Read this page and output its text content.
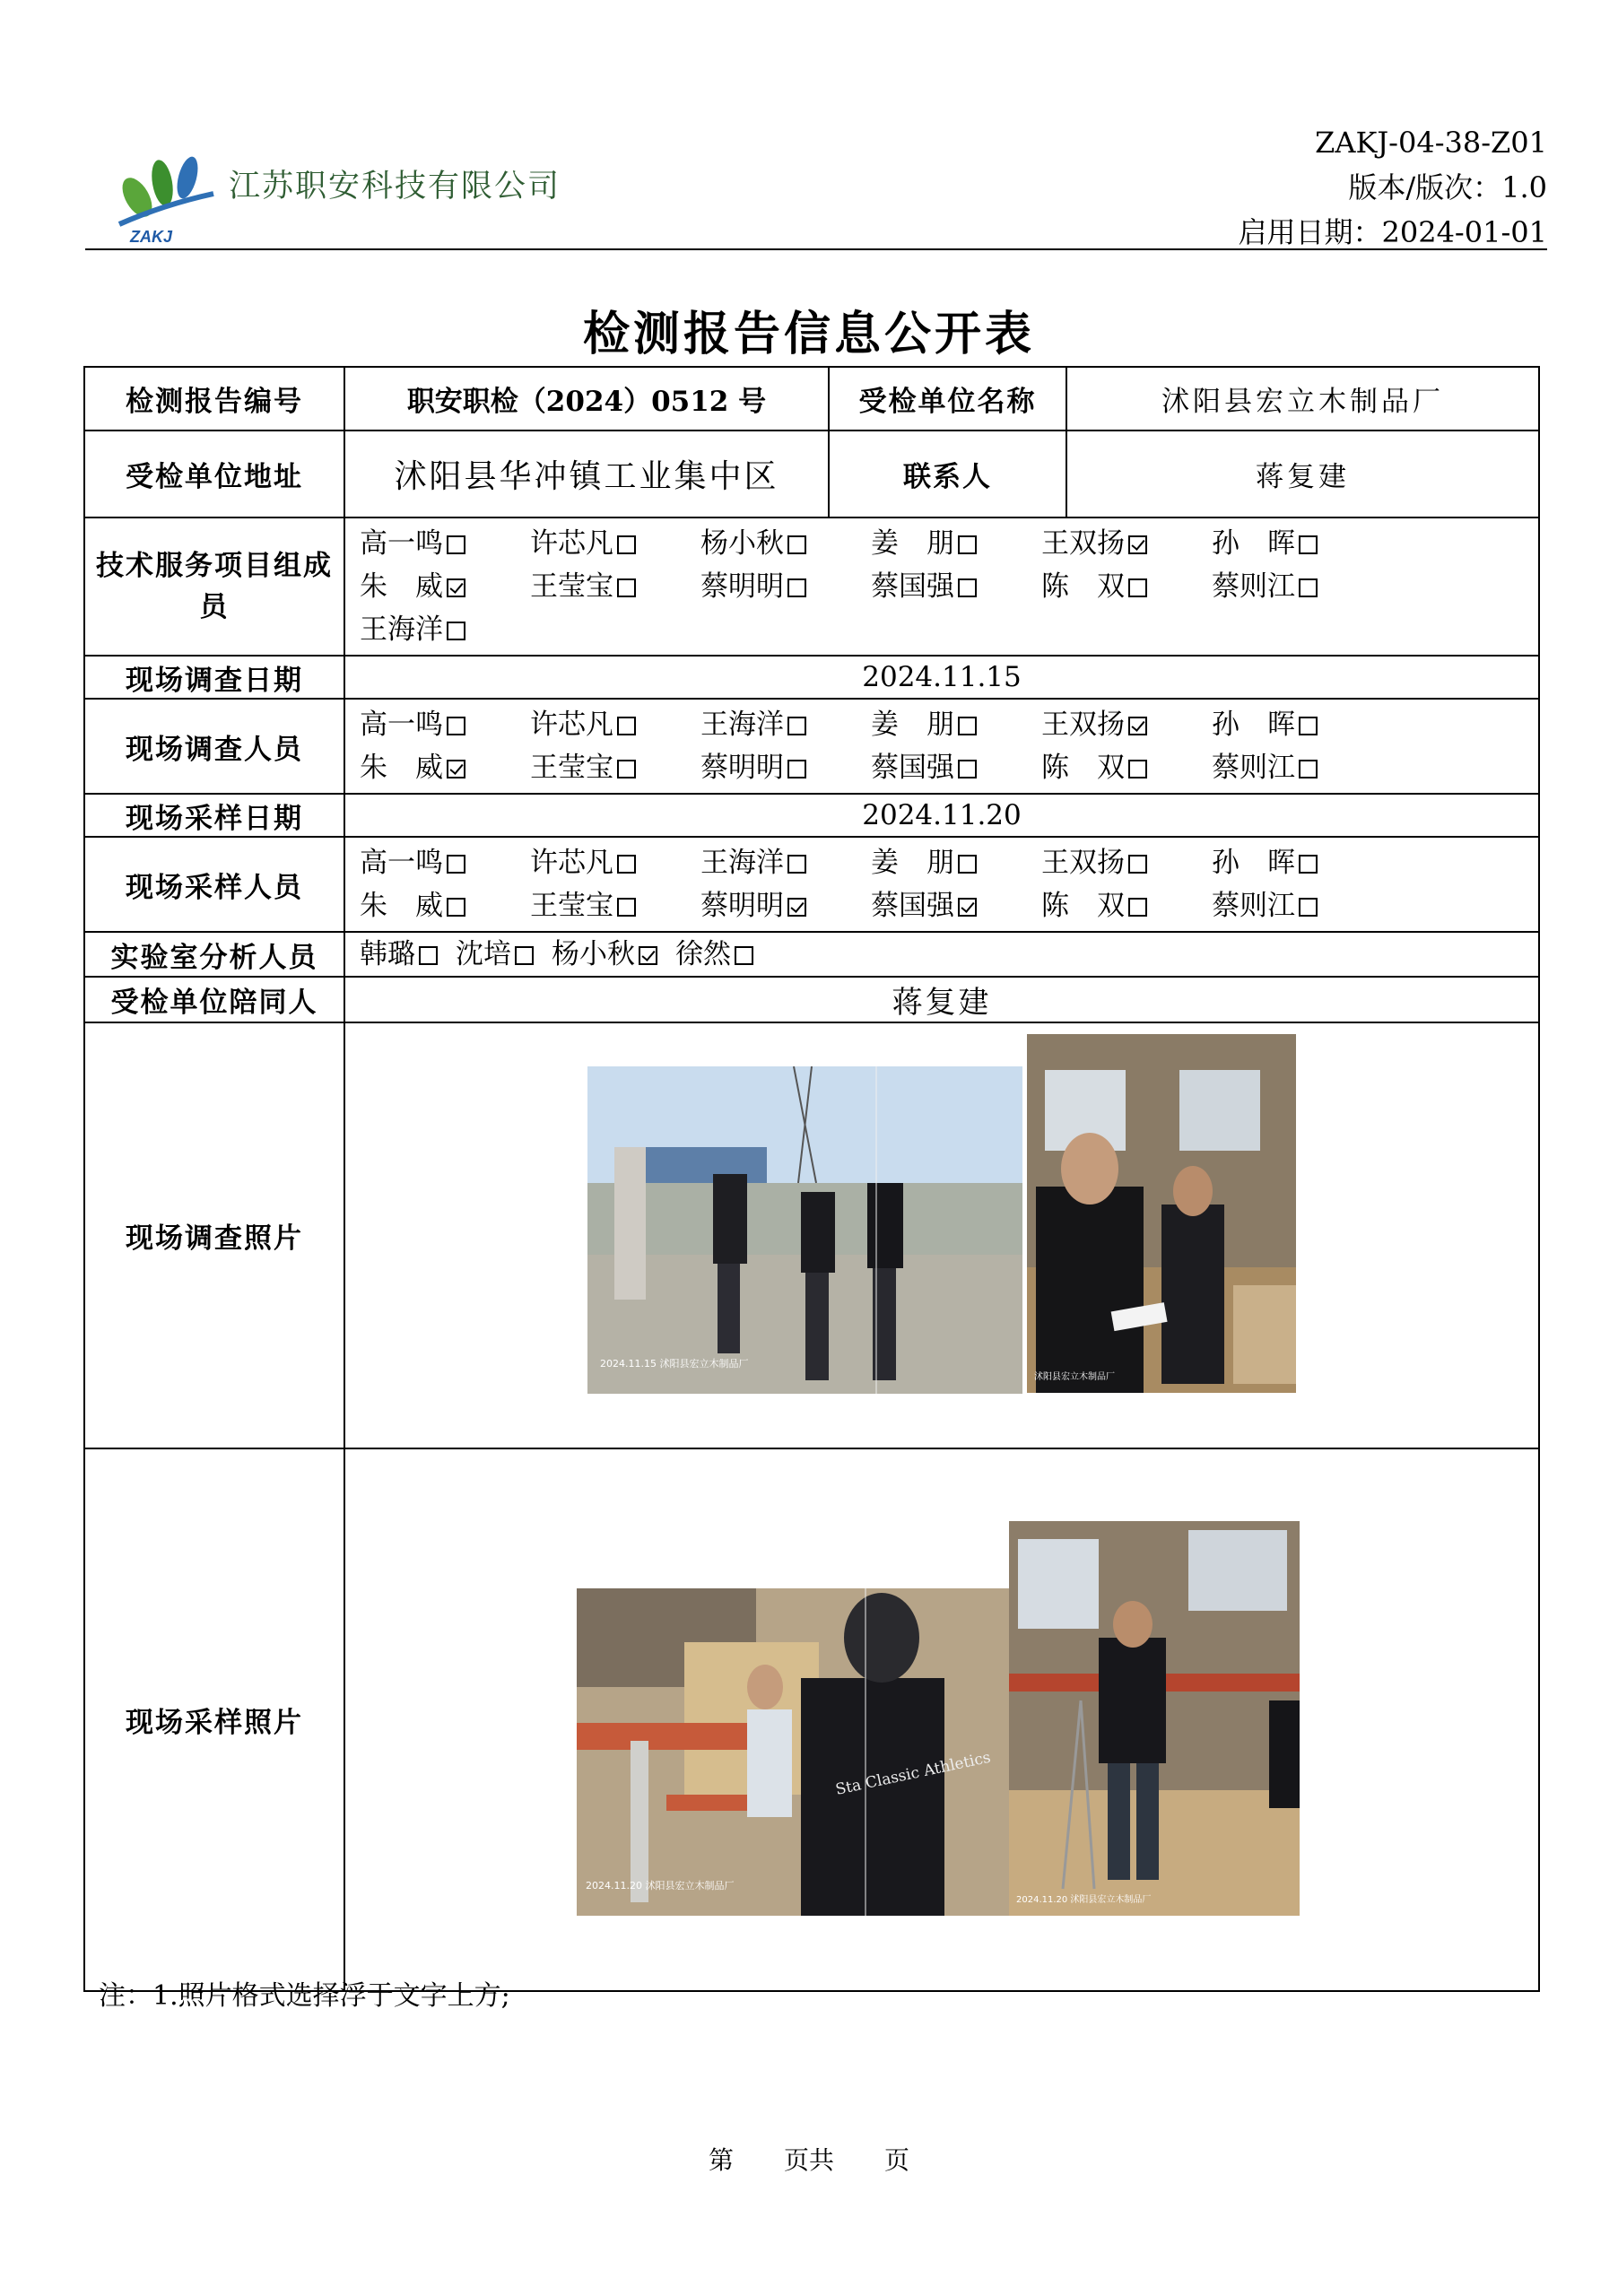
ZAKJ
江苏职安科技有限公司
ZAKJ-04-38-Z01
版本/版次：1.0
启用日期：2024-01-01
检测报告信息公开表
检测报告编号	职安职检（2024）0512 号	受检单位名称	沭阳县宏立木制品厂
受检单位地址	沭阳县华冲镇工业集中区	联系人	蒋复建
技术服务项目组成员	高一鸣 许芯凡 杨小秋 姜　朋 王双扬 孙　晖
朱　威 王莹宝 蔡明明 蔡国强 陈　双 蔡则江
王海洋		

现场调查日期	2024.11.15		
现场调查人员	高一鸣 许芯凡 王海洋 姜　朋 王双扬 孙　晖
朱　威 王莹宝 蔡明明 蔡国强 陈　双 蔡则江		

现场采样日期	2024.11.20		
现场采样人员	高一鸣 许芯凡 王海洋 姜　朋 王双扬 孙　晖
朱　威 王莹宝 蔡明明 蔡国强 陈　双 蔡则江		

实验室分析人员	韩璐 沈培 杨小秋 徐然		

受检单位陪同人	蒋复建		
现场调查照片	2024.11.15 沭阳县宏立木制品厂
沭阳县宏立木制品厂		

现场采样照片	Sta Classic Athletics
2024.11.20 沭阳县宏立木制品厂
2024.11.20 沭阳县宏立木制品厂		
注：1.照片格式选择浮于文字上方;
第　　页共　　页
